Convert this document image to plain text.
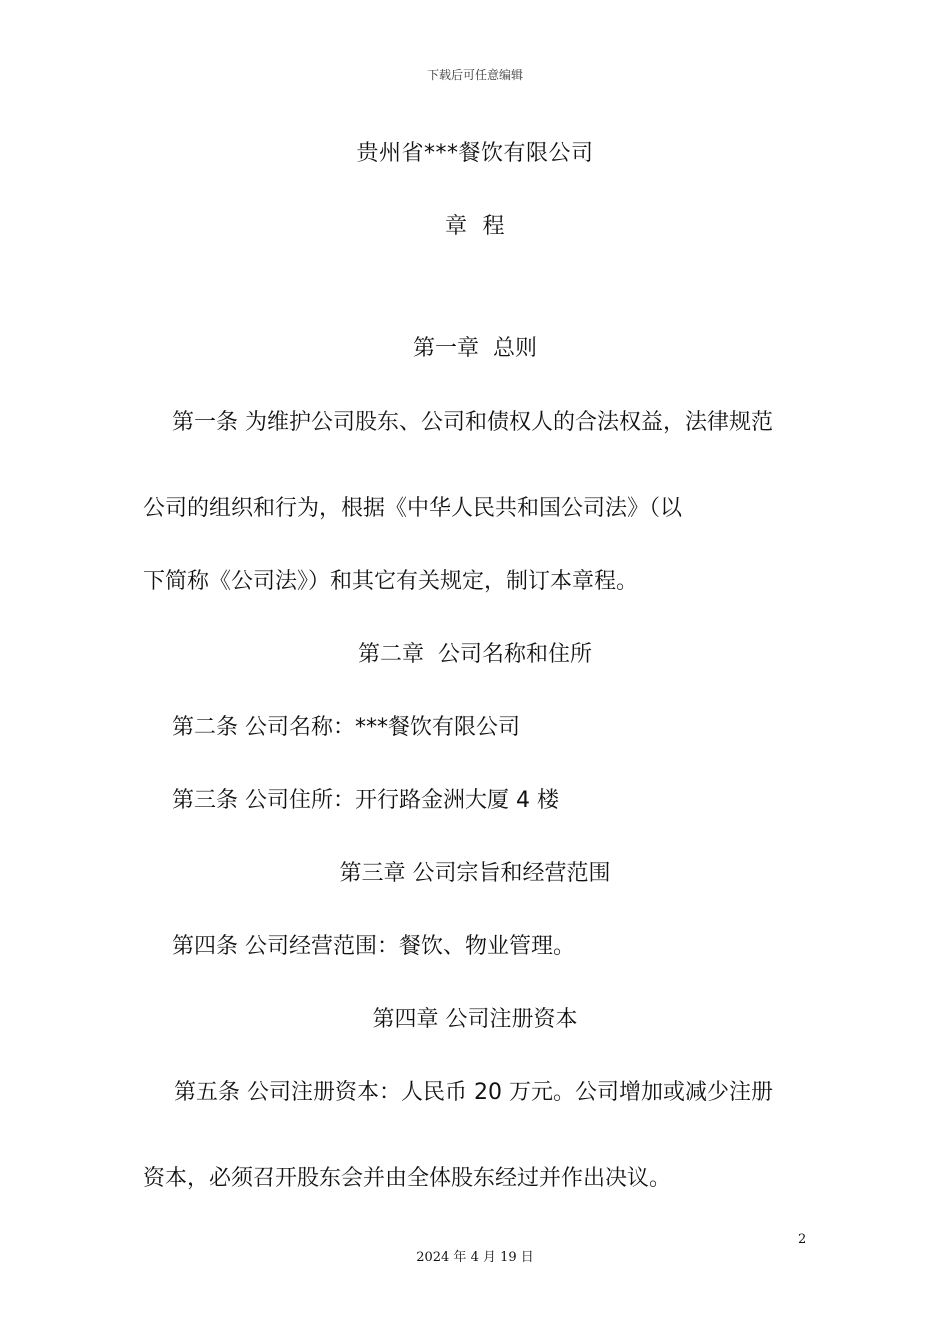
下载后可任意编辑
贵州省***餐饮有限公司
章  程
第一章  总则
第一条 为维护公司股东、公司和债权人的合法权益，法律规范
公司的组织和行为，根据《中华人民共和国公司法》（以
下简称《公司法》）和其它有关规定，制订本章程。
第二章  公司名称和住所
第二条 公司名称：***餐饮有限公司
第三条 公司住所：开行路金洲大厦 4 楼
第三章 公司宗旨和经营范围
第四条 公司经营范围：餐饮、物业管理。
第四章 公司注册资本
第五条 公司注册资本：人民币 20 万元。公司增加或减少注册
资本，必须召开股东会并由全体股东经过并作出决议。
2
2024 年 4 月 19 日
